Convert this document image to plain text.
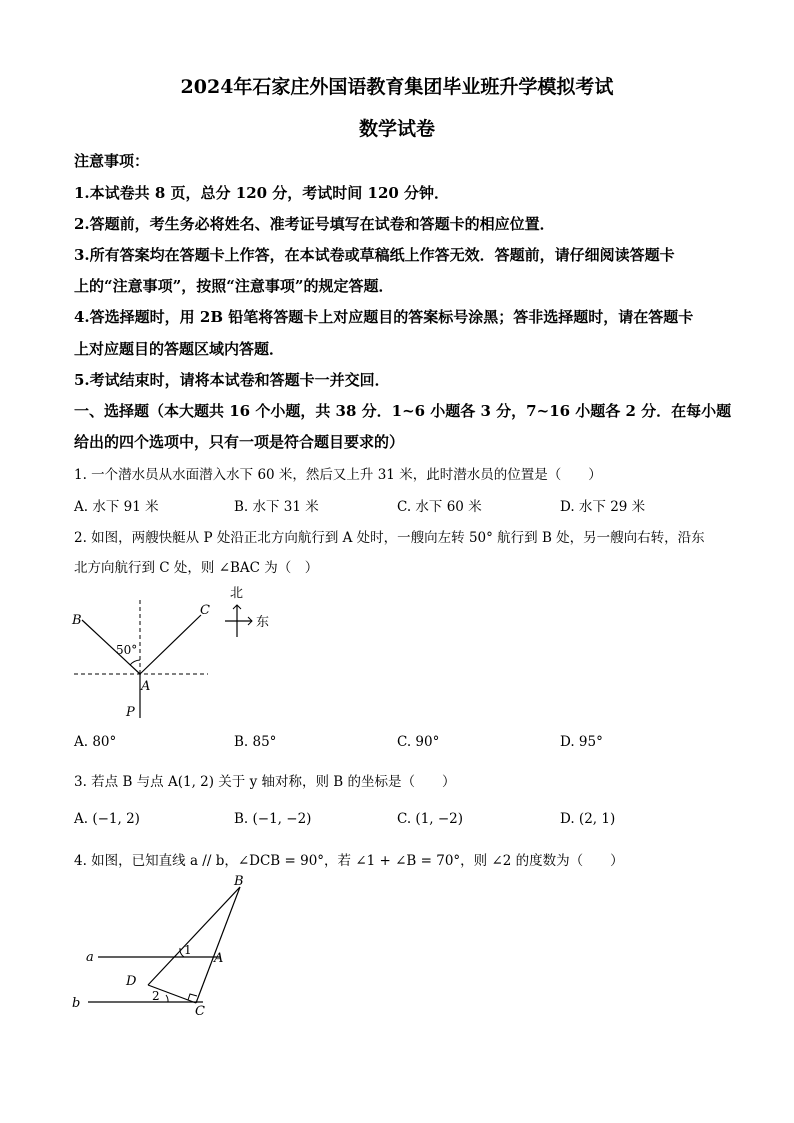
2024年石家庄外国语教育集团毕业班升学模拟考试
数学试卷
注意事项：
1.本试卷共 8 页，总分 120 分，考试时间 120 分钟．
2.答题前，考生务必将姓名、准考证号填写在试卷和答题卡的相应位置．
3.所有答案均在答题卡上作答，在本试卷或草稿纸上作答无效．答题前，请仔细阅读答题卡
上的“注意事项”，按照“注意事项”的规定答题．
4.答选择题时，用 2B 铅笔将答题卡上对应题目的答案标号涂黑；答非选择题时，请在答题卡
上对应题目的答题区域内答题．
5.考试结束时，请将本试卷和答题卡一并交回．
一、选择题（本大题共 16 个小题，共 38 分．1~6 小题各 3 分，7~16 小题各 2 分．在每小题
给出的四个选项中，只有一项是符合题目要求的）
1. 一个潜水员从水面潜入水下 60 米，然后又上升 31 米，此时潜水员的位置是（　　）
A. 水下 91 米	B. 水下 31 米	C. 水下 60 米	D. 水下 29 米
2. 如图，两艘快艇从 P 处沿正北方向航行到 A 处时，一艘向左转 50° 航行到 B 处，另一艘向右转，沿东
北方向航行到 C 处，则 ∠BAC 为（　）
B
C
A
P
50°
北
东
A. 80°	B. 85°	C. 90°	D. 95°
3. 若点 B 与点 A(1, 2) 关于 y 轴对称，则 B 的坐标是（　　）
A. (−1, 2)	B. (−1, −2)	C. (1, −2)	D. (2, 1)
4. 如图，已知直线 a // b，∠DCB = 90°，若 ∠1 + ∠B = 70°，则 ∠2 的度数为（　　）
B
A
C
D
a
b
1
2
